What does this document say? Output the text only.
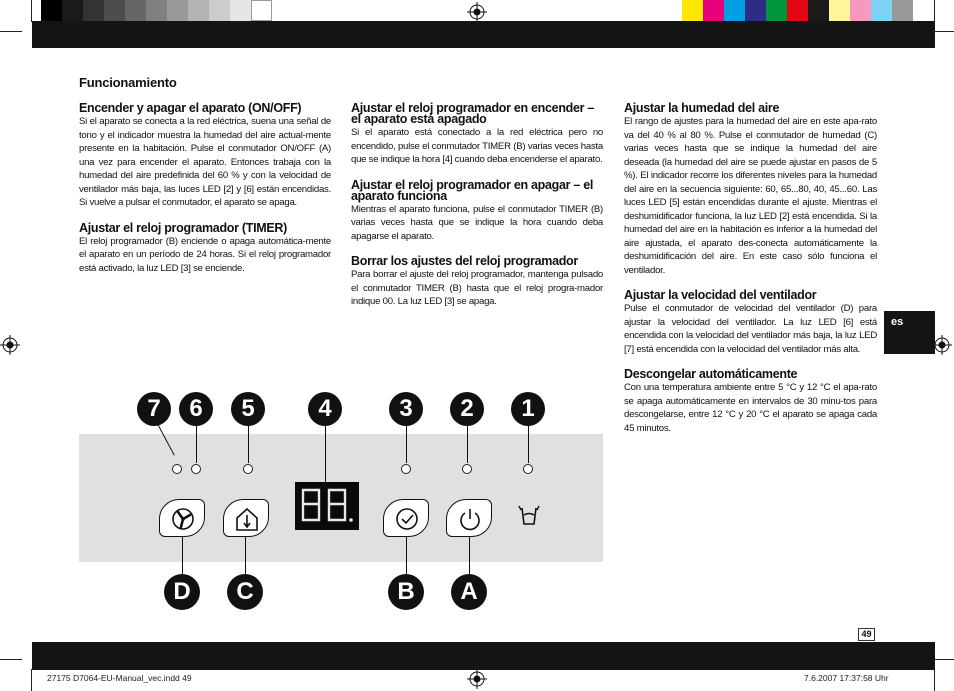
Funcionamiento
Encender y apagar el aparato (ON/OFF)

Si el aparato se conecta a la red eléctrica, suena una señal de tono y el indicador muestra la humedad del aire actual-mente presente en la habitación. Pulse el conmutador ON/OFF (A) una vez para encender el aparato. Entonces trabaja con la humedad del aire predefinida del 60 % y con la velocidad de ventilador más baja, las luces LED [2] y [6] están encendidas. Si vuelve a pulsar el conmutador, el aparato se apaga.

Ajustar el reloj programador (TIMER)

El reloj programador (B) enciende o apaga automática-mente el aparato en un período de 24 horas. Si el reloj programador está activado, la luz LED [3] se enciende.

Ajustar el reloj programador en encender – el aparato está apagado

Si el aparato está conectado a la red eléctrica pero no encendido, pulse el conmutador TIMER (B) varias veces hasta que se indique la hora [4] cuando deba encenderse el aparato.

Ajustar el reloj programador en apagar – el aparato funciona

Mientras el aparato funciona, pulse el conmutador TIMER (B) varias veces hasta que se indique la hora cuando deba apagarse el aparato.

Borrar los ajustes del reloj programador

Para borrar el ajuste del reloj programador, mantenga pulsado el conmutador TIMER (B) hasta que el reloj progra-mador indique 00. La luz LED [3] se apaga.

Ajustar la humedad del aire

El rango de ajustes para la humedad del aire en este apa-rato va del 40 % al 80 %. Pulse el conmutador de humedad (C) varias veces hasta que se indique la humedad del aire deseada (la humedad del aire se puede ajustar en pasos de 5 %). El indicador recorre los diferentes niveles para la humedad del aire en la secuencia siguiente: 60, 65...80, 40, 45...60. Las luces LED [5] están encendidas durante el ajuste. Mientras el deshumidificador funciona, la luz LED [2] está encendida. Si la humedad del aire en la habitación es inferior a la humedad del aire ajustada, el aparato des-conecta automáticamente la deshumidificación del aire. En este caso sólo funciona el ventilador.

Ajustar la velocidad del ventilador

Pulse el conmutador de velocidad del ventilador (D) para ajustar la velocidad del ventilador. La luz LED [6] está encendida con la velocidad del ventilador más baja, la luz LED [7] está encendida con la velocidad del ventilador más alta.

Descongelar automáticamente

Con una temperatura ambiente entre 5 °C y 12 °C el apa-rato se apaga automáticamente en intervalos de 30 minu-tos para descongelarse, entre 12 °C y 20 °C el aparato se apaga cada 45 minutos.

es
7	6	5	4	3	2	1
D	C	B	A
49
27175 D7064-EU-Manual_vec.indd 49	7.6.2007 17:37:58 Uhr
